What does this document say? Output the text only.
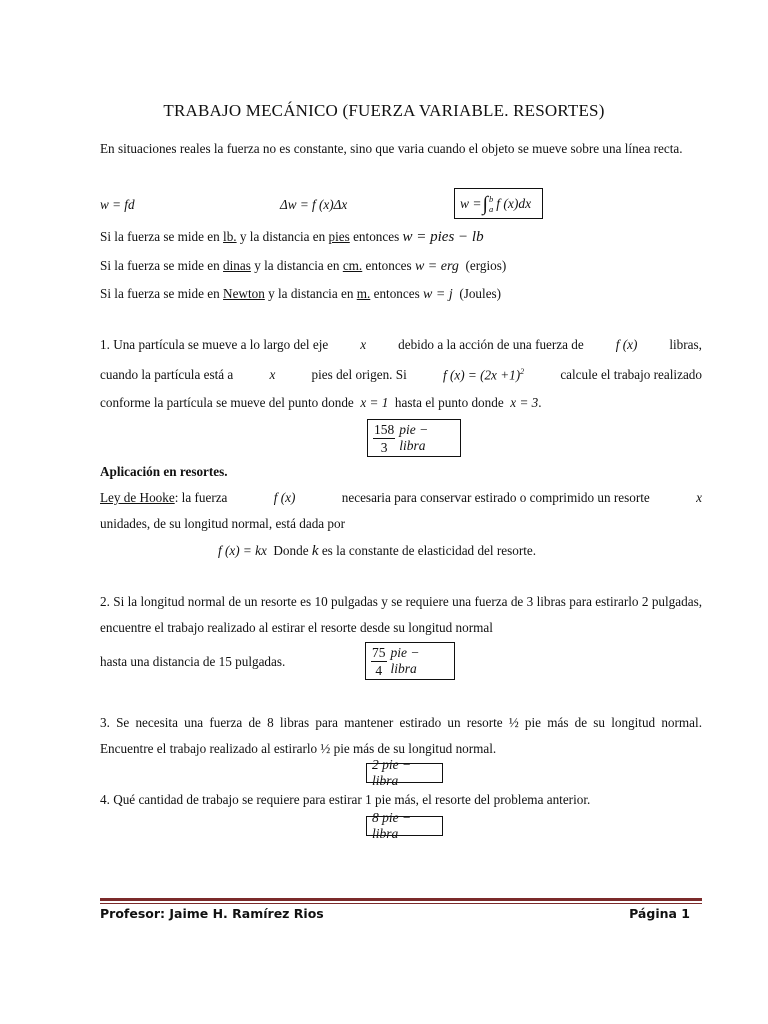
TRABAJO MECÁNICO (FUERZA VARIABLE. RESORTES)
En situaciones reales la fuerza no es constante, sino que varia cuando el objeto se mueve sobre una línea recta.
w = fd	Δw = f (x)Δx	w = ∫ b
a f (x)dx
Si la fuerza se mide en lb. y la distancia en pies entonces w = pies − lb
Si la fuerza se mide en dinas y la distancia en cm. entonces w = erg (ergios)
Si la fuerza se mide en Newton y la distancia en m. entonces w = j (Joules)
1. Una partícula se mueve a lo largo del eje x debido a la acción de una fuerza de f (x) libras,
cuando la partícula está a	x	pies del origen. Si	f $(x) = (2x +1)^2$	calcule el trabajo realizado
conforme la partícula se mueve del punto donde x = 1 hasta el punto donde x = 3.
$\frac{158}{3}$ pie − libra
Aplicación en resortes.
Ley de Hooke: la fuerza	f (x)	necesaria para conservar estirado o comprimido un resorte	x
unidades, de su longitud normal, está dada por
f (x) = kx Donde k es la constante de elasticidad del resorte.
2. Si la longitud normal de un resorte es 10 pulgadas y se requiere una fuerza de 3 libras para estirarlo 2 pulgadas, encuentre el trabajo realizado al estirar el resorte desde su longitud normal
hasta una distancia de 15 pulgadas.	$\frac{75}{4}$ pie − libra
3. Se necesita una fuerza de 8 libras para mantener estirado un resorte ½ pie más de su longitud normal. Encuentre el trabajo realizado al estirarlo ½ pie más de su longitud normal.
2 pie − libra
4. Qué cantidad de trabajo se requiere para estirar 1 pie más, el resorte del problema anterior.
8 pie − libra
Profesor: Jaime H. Ramírez Rios	Página 1
